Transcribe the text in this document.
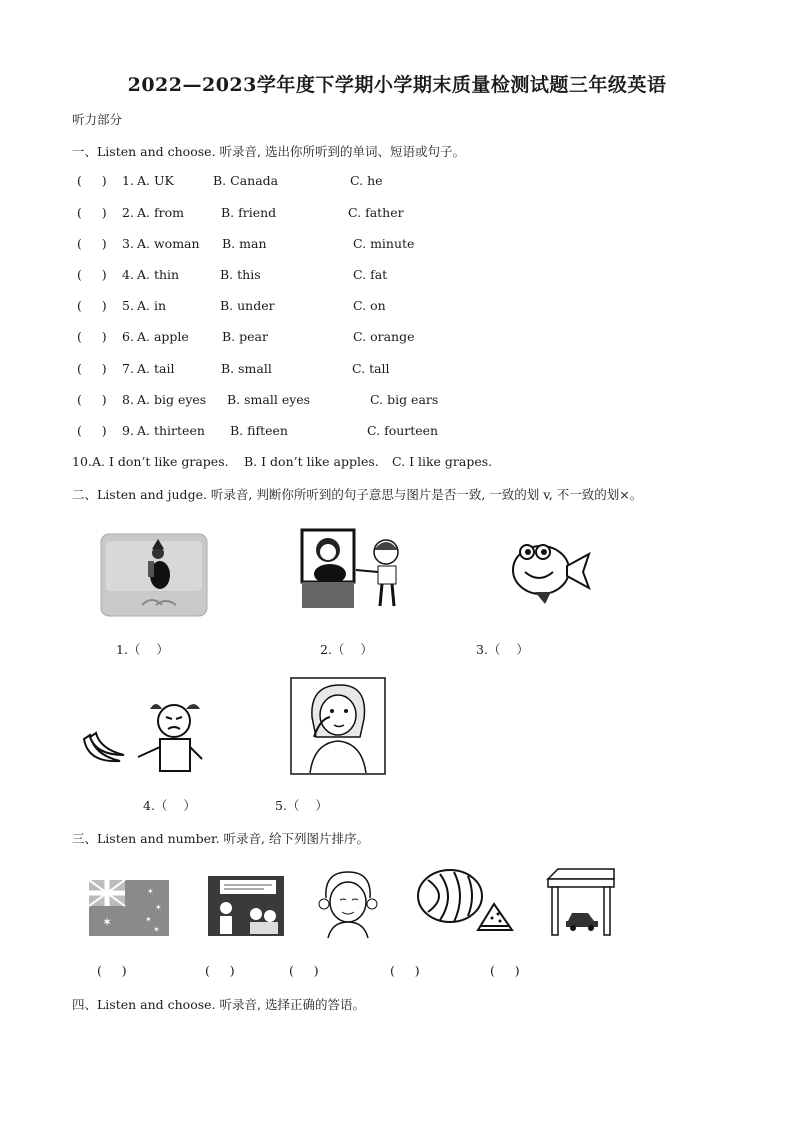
2022—2023学年度下学期小学期末质量检测试题三年级英语
听力部分
一、Listen and choose. 听录音, 选出你所听到的单词、短语或句子。
(     ) 1. A. UK	B. Canada	C. he
(     ) 2. A. from	B. friend	C. father
(     ) 3. A. woman B. man	C. minute
(     ) 4. A. thin	B. this	C. fat
(     ) 5. A. in	B. under	C. on
(     ) 6. A. apple	B. pear	C. orange
(     ) 7. A. tail	B. small	C. tall
(     ) 8. A. big eyes B. small eyes	C. big ears
(     ) 9. A. thirteen B. fifteen	C. fourteen
10. A. I don’t like grapes. B. I don’t like apples. C. I like grapes.
二、Listen and judge. 听录音, 判断你所听到的句子意思与图片是否一致, 一致的划 v, 不一致的划×。
1.（    ）	2.（    ）	3.（    ）
4.（    ）	5.（    ）
三、Listen and number. 听录音, 给下列图片排序。
✶
✶
✶
✶
✶
(     )	(     )	(     )	(     )	(     )
四、Listen and choose. 听录音, 选择正确的答语。
